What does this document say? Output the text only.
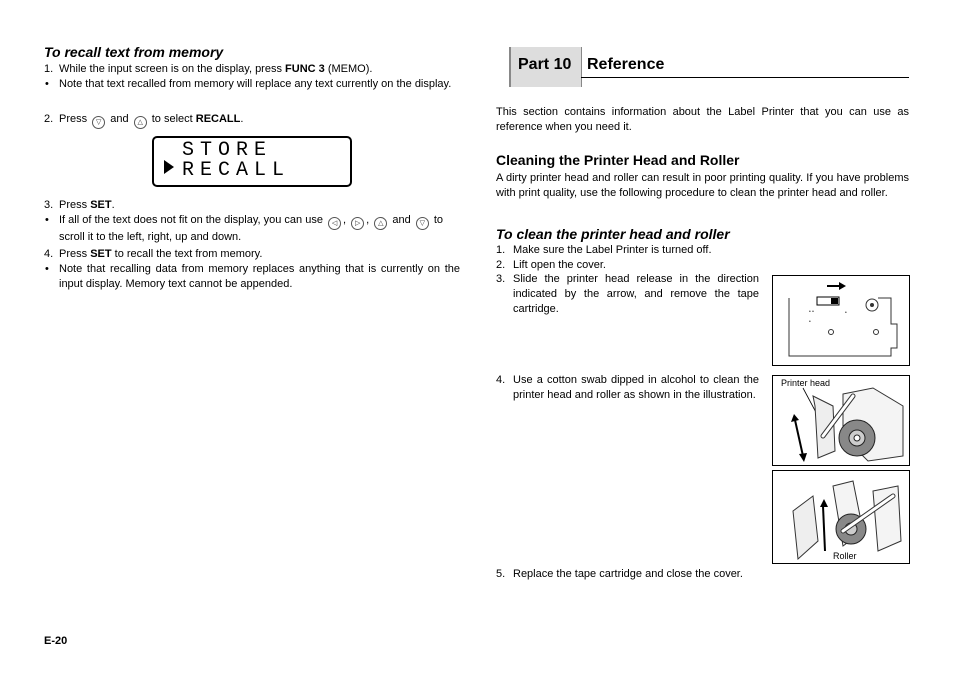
To recall text from memory
1. While the input screen is on the display, press FUNC 3 (MEMO).
• Note that text recalled from memory will replace any text currently on the display.
2. Press ▽ and △ to select RECALL.
STORE
RECALL
3. Press SET.
• If all of the text does not fit on the display, you can use ◁ , ▷ , △ and ▽ to scroll it to the left, right, up and down.
4. Press SET to recall the text from memory.
• Note that recalling data from memory replaces anything that is currently on the input display. Memory text cannot be appended.
E-20
Part 10 Reference
This section contains information about the Label Printer that you can use as reference when you need it.
Cleaning the Printer Head and Roller
A dirty printer head and roller can result in poor printing quality. If you have problems with print quality, use the following procedure to clean the printer head and roller.
To clean the printer head and roller
1. Make sure the Label Printer is turned off.
2. Lift open the cover.
3. Slide the printer head release in the direction indicated by the arrow, and remove the tape cartridge.	• •	•
•
4. Use a cotton swab dipped in alcohol to clean the printer head and roller as shown in the illustration.
Printer head
Roller
5. Replace the tape cartridge and close the cover.
